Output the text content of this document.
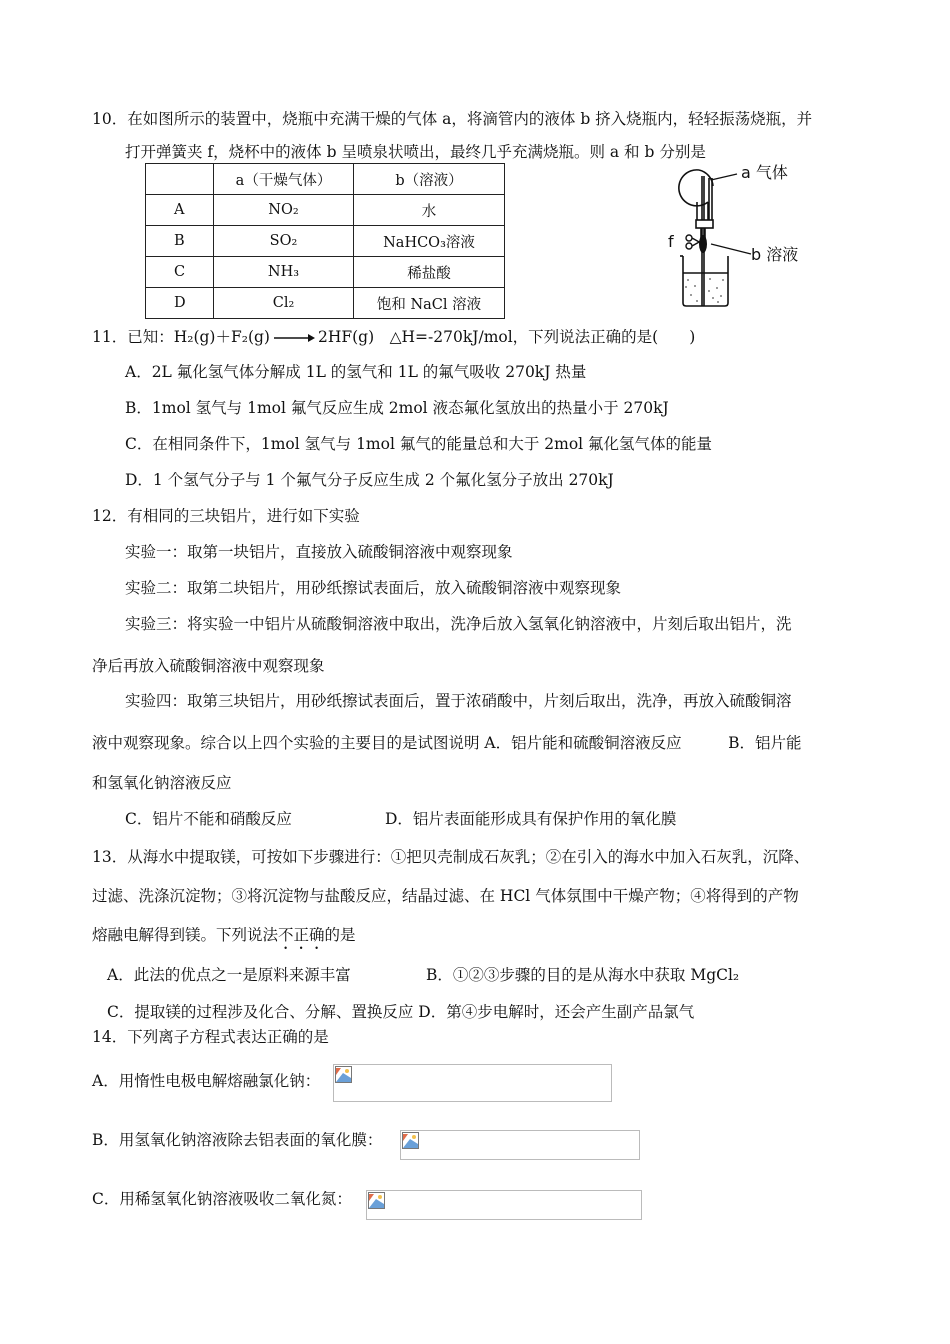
10．在如图所示的装置中，烧瓶中充满干燥的气体 a，将滴管内的液体 b 挤入烧瓶内，轻轻振荡烧瓶，并
打开弹簧夹 f，烧杯中的液体 b 呈喷泉状喷出，最终几乎充满烧瓶。则 a 和 b 分别是
	a（干燥气体）	b（溶液）
A	NO₂	水
B	SO₂	NaHCO₃溶液
C	NH₃	稀盐酸
D	Cl₂	饱和 NaCl 溶液
a 气体
f
b 溶液
11．已知：H₂(g)＋F₂(g) → 2HF(g)　△H=-270kJ/mol，下列说法正确的是(　　)
A．2L 氟化氢气体分解成 1L 的氢气和 1L 的氟气吸收 270kJ 热量
B．1mol 氢气与 1mol 氟气反应生成 2mol 液态氟化氢放出的热量小于 270kJ
C．在相同条件下，1mol 氢气与 1mol 氟气的能量总和大于 2mol 氟化氢气体的能量
D．1 个氢气分子与 1 个氟气分子反应生成 2 个氟化氢分子放出 270kJ
12．有相同的三块铝片，进行如下实验
实验一：取第一块铝片，直接放入硫酸铜溶液中观察现象
实验二：取第二块铝片，用砂纸擦试表面后，放入硫酸铜溶液中观察现象
实验三：将实验一中铝片从硫酸铜溶液中取出，洗净后放入氢氧化钠溶液中，片刻后取出铝片，洗
净后再放入硫酸铜溶液中观察现象
实验四：取第三块铝片，用砂纸擦试表面后，置于浓硝酸中，片刻后取出，洗净，再放入硫酸铜溶
液中观察现象。综合以上四个实验的主要目的是试图说明 A．铝片能和硫酸铜溶液反应　　　B．铝片能
和氢氧化钠溶液反应
C．铝片不能和硝酸反应	D．铝片表面能形成具有保护作用的氧化膜
13．从海水中提取镁，可按如下步骤进行：①把贝壳制成石灰乳；②在引入的海水中加入石灰乳，沉降、
过滤、洗涤沉淀物；③将沉淀物与盐酸反应，结晶过滤、在 HCl 气体氛围中干燥产物；④将得到的产物
熔融电解得到镁。下列说法不正确的是
A．此法的优点之一是原料来源丰富	B．①②③步骤的目的是从海水中获取 MgCl₂
C．提取镁的过程涉及化合、分解、置换反应 D．第④步电解时，还会产生副产品氯气
14．下列离子方程式表达正确的是
A．用惰性电极电解熔融氯化钠：
B．用氢氧化钠溶液除去铝表面的氧化膜：
C．用稀氢氧化钠溶液吸收二氧化氮：
